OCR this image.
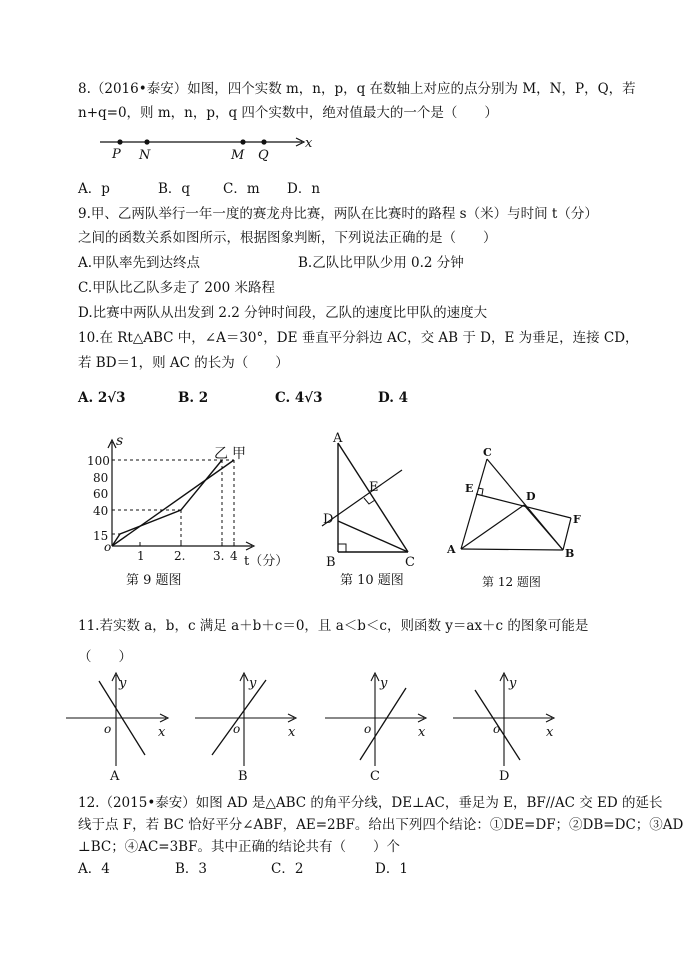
8.（2016•泰安）如图，四个实数 m，n，p，q 在数轴上对应的点分别为 M，N，P，Q，若
n+q=0，则 m，n，p，q 四个实数中，绝对值最大的一个是（　　）
P N	M Q
x
A．p	B．q C．m D．n
9.甲、乙两队举行一年一度的赛龙舟比赛，两队在比赛时的路程 s（米）与时间 t（分）
之间的函数关系如图所示，根据图象判断，下列说法正确的是（　　）
A.甲队率先到达终点	B.乙队比甲队少用 0.2 分钟
C.甲队比乙队多走了 200 米路程
D.比赛中两队从出发到 2.2 分钟时间段，乙队的速度比甲队的速度大
10.在 Rt△ABC 中，∠A＝30°，DE 垂直平分斜边 AC，交 AB 于 D，E 为垂足，连接 CD，
若 BD＝1，则 AC 的长为（　　）
A. 2√3	B. 2	C. 4√3	D. 4
s
t（分）
100
80
60
40
15
1 2. 3. 4
o
乙 甲
第 9 题图
A
E
D
B	C
第 10 题图
C
E
D
F
A	B
第 12 题图
11.若实数 a，b，c 满足 a＋b＋c＝0，且 a＜b＜c，则函数 y＝ax＋c 的图象可能是
（　　）
y
x
o
A
y
x
o
B
y
x
o
C
y
x
o
D
12.（2015•泰安）如图 AD 是△ABC 的角平分线，DE⊥AC，垂足为 E，BF//AC 交 ED 的延长
线于点 F，若 BC 恰好平分∠ABF，AE=2BF。给出下列四个结论：①DE=DF；②DB=DC；③AD
⊥BC；④AC=3BF。其中正确的结论共有（　　）个
A．4	B．3	C．2	D．1
